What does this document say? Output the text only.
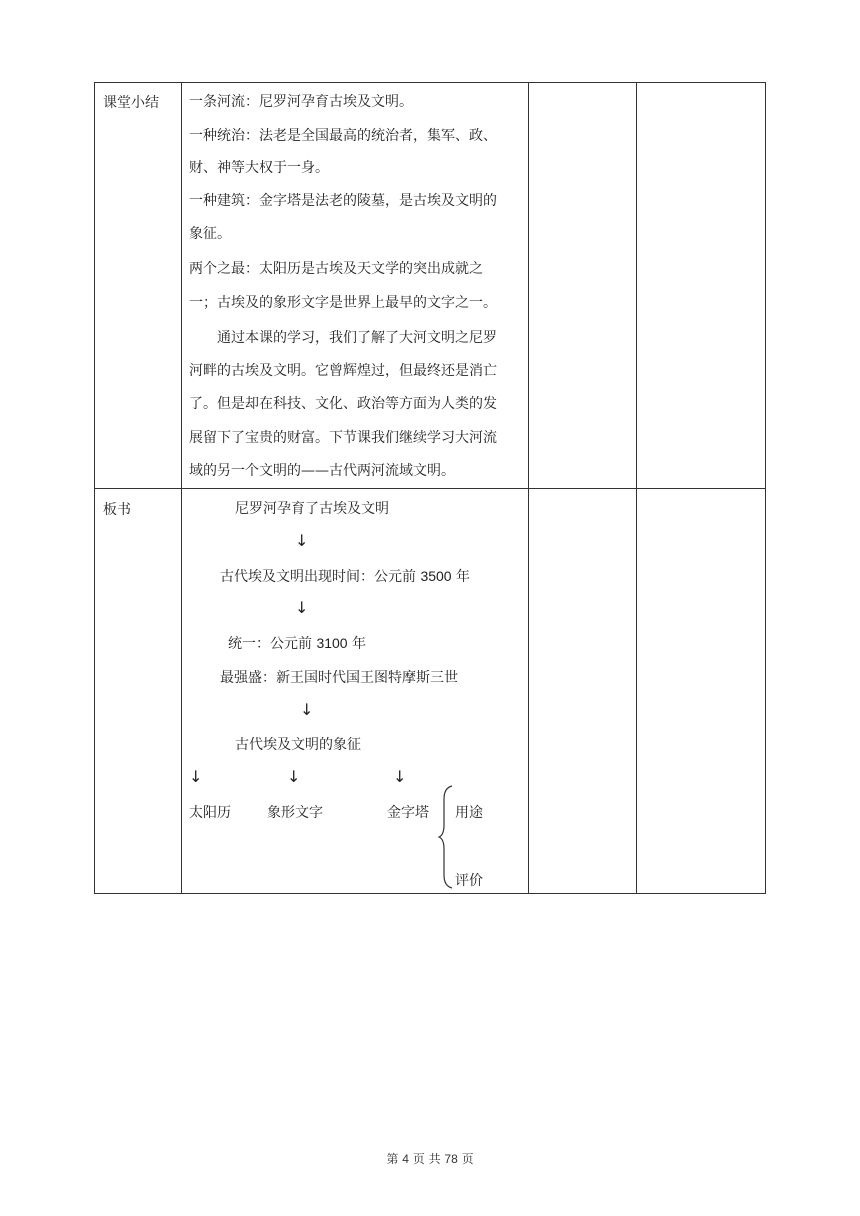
课堂小结 一条河流：尼罗河孕育古埃及文明。

一种统治：法老是全国最高的统治者，集军、政、

财、神等大权于一身。

一种建筑：金字塔是法老的陵墓，是古埃及文明的

象征。

两个之最：太阳历是古埃及天文学的突出成就之

一；古埃及的象形文字是世界上最早的文字之一。

通过本课的学习，我们了解了大河文明之尼罗

河畔的古埃及文明。它曾辉煌过，但最终还是消亡

了。但是却在科技、文化、政治等方面为人类的发

展留下了宝贵的财富。下节课我们继续学习大河流

域的另一个文明的——古代两河流域文明。

板书	尼罗河孕育了古埃及文明
↓
古代埃及文明出现时间：公元前 3500 年
↓
统一：公元前 3100 年
最强盛：新王国时代国王图特摩斯三世
↓
古代埃及文明的象征
↓	↓	↓
太阳历	象形文字	金字塔 用途
评价
第 4 页 共 78 页
